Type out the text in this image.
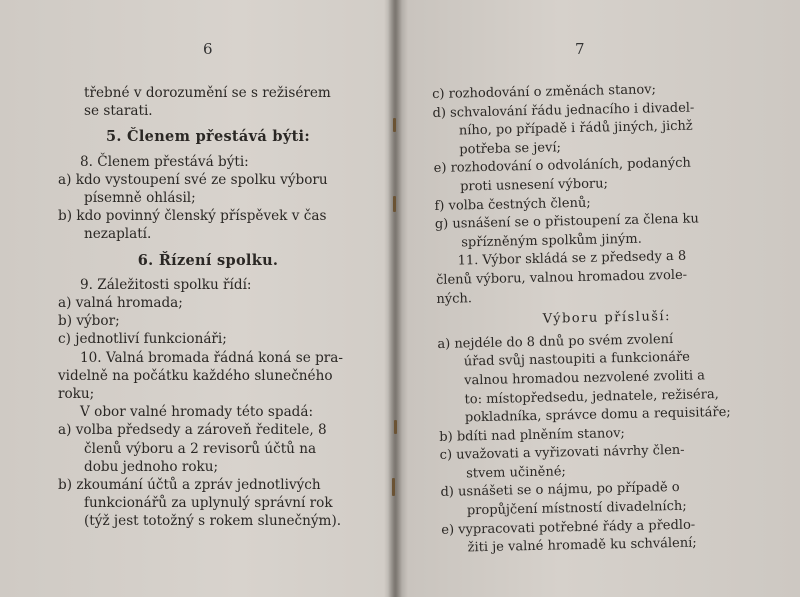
6
třebné v dorozumění se s režisérem
se starati.
5. Členem přestává býti:
8. Členem přestává býti:
a) kdo vystoupení své ze spolku výboru
písemně ohlásil;
b) kdo povinný členský příspěvek v čas
nezaplatí.
6. Řízení spolku.
9. Záležitosti spolku řídí:
a) valná hromada;
b) výbor;
c) jednotliví funkcionáři;
10. Valná bromada řádná koná se pra-
videlně na počátku každého slunečného
roku;
V obor valné hromady této spadá:
a) volba předsedy a zároveň ředitele, 8
členů výboru a 2 revisorů účtů na
dobu jednoho roku;
b) zkoumání účtů a zpráv jednotlivých
funkcionářů za uplynulý správní rok
(týž jest totožný s rokem slunečným).
7
c) rozhodování o změnách stanov;
d) schvalování řádu jednacího i divadel-
ního, po případě i řádů jiných, jichž
potřeba se jeví;
e) rozhodování o odvoláních, podaných
proti usnesení výboru;
f) volba čestných členů;
g) usnášení se o přistoupení za člena ku
spřízněným spolkům jiným.
11. Výbor skládá se z předsedy a 8
členů výboru, valnou hromadou zvole-
ných.
Výboru přísluší:
a) nejdéle do 8 dnů po svém zvolení
úřad svůj nastoupiti a funkcionáře
valnou hromadou nezvolené zvoliti a
to: místopředsedu, jednatele, režiséra,
pokladníka, správce domu a requisitáře;
b) bdíti nad plněním stanov;
c) uvažovati a vyřizovati návrhy člen-
stvem učiněné;
d) usnášeti se o nájmu, po případě o
propůjčení místností divadelních;
e) vypracovati potřebné řády a předlo-
žiti je valné hromadě ku schválení;
